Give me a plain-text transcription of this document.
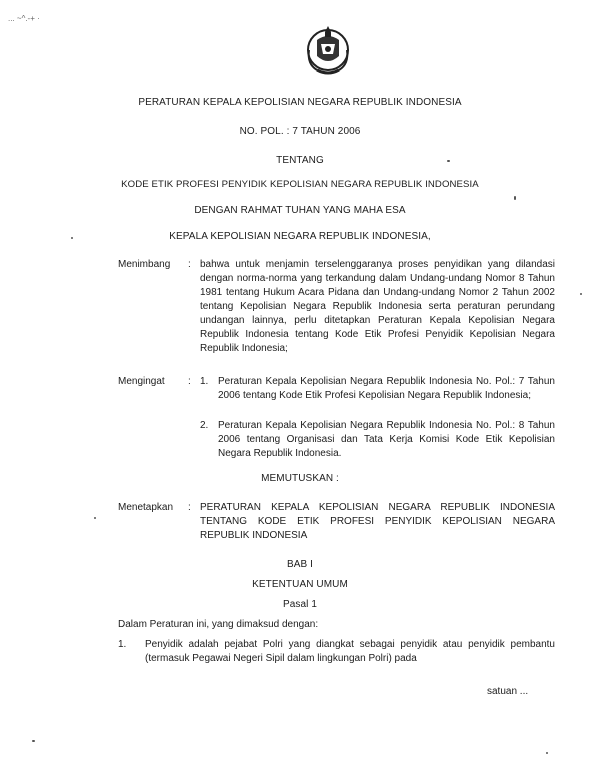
... ~^.-+ ·
PERATURAN KEPALA KEPOLISIAN NEGARA REPUBLIK INDONESIA
NO. POL. : 7 TAHUN 2006
TENTANG
KODE ETIK PROFESI PENYIDIK KEPOLISIAN NEGARA REPUBLIK INDONESIA
DENGAN RAHMAT TUHAN YANG MAHA ESA
KEPALA KEPOLISIAN NEGARA REPUBLIK INDONESIA,
Menimbang : bahwa untuk menjamin terselenggaranya proses penyidikan yang dilandasi dengan norma-norma yang terkandung dalam Undang-undang Nomor 8 Tahun 1981 tentang Hukum Acara Pidana dan Undang-undang Nomor 2 Tahun 2002 tentang Kepolisian Negara Republik Indonesia serta peraturan perundang undangan lainnya, perlu ditetapkan Peraturan Kepala Kepolisian Negara Republik Indonesia tentang Kode Etik Profesi Penyidik Kepolisian Negara Republik Indonesia;
Mengingat : 1. Peraturan Kepala Kepolisian Negara Republik Indonesia No. Pol.: 7 Tahun 2006 tentang Kode Etik Profesi Kepolisian Negara Republik Indonesia;
2. Peraturan Kepala Kepolisian Negara Republik Indonesia No. Pol.: 8 Tahun 2006 tentang Organisasi dan Tata Kerja Komisi Kode Etik Kepolisian Negara Republik Indonesia.
MEMUTUSKAN :
Menetapkan : PERATURAN KEPALA KEPOLISIAN NEGARA REPUBLIK INDONESIA TENTANG KODE ETIK PROFESI PENYIDIK KEPOLISIAN NEGARA REPUBLIK INDONESIA
BAB I
KETENTUAN UMUM
Pasal 1
Dalam Peraturan ini, yang dimaksud dengan:
1. Penyidik adalah pejabat Polri yang diangkat sebagai penyidik atau penyidik pembantu (termasuk Pegawai Negeri Sipil dalam lingkungan Polri) pada
satuan ...
